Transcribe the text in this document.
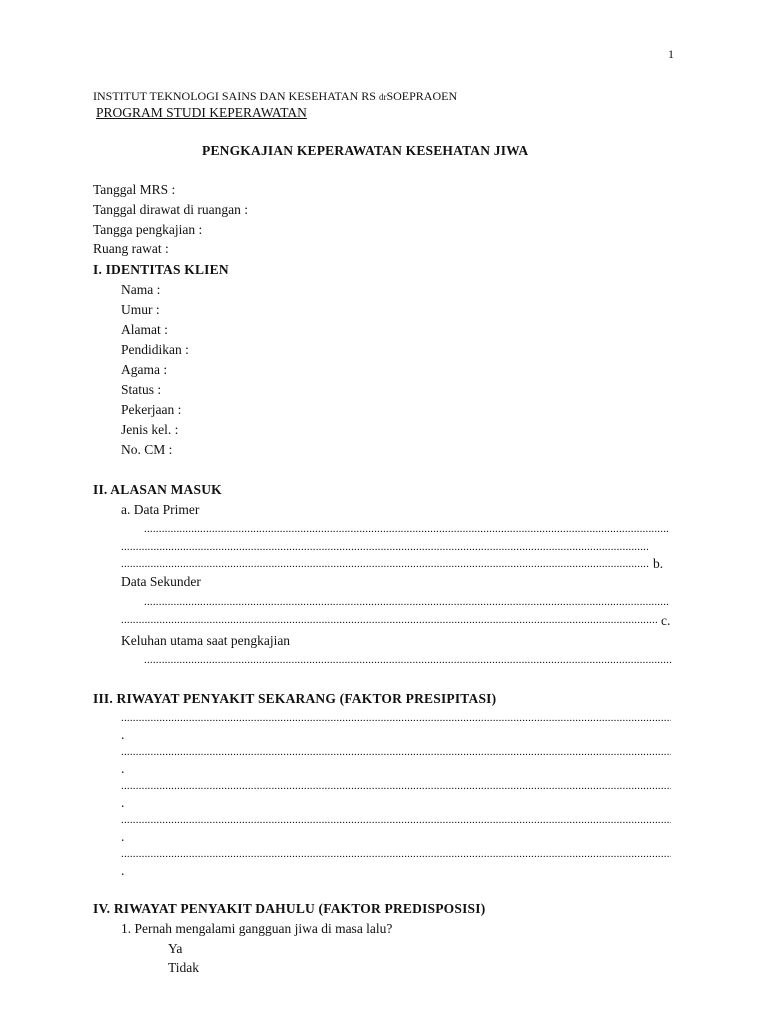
1
INSTITUT TEKNOLOGI SAINS DAN KESEHATAN RS drSOEPRAOEN
PROGRAM STUDI KEPERAWATAN
PENGKAJIAN KEPERAWATAN KESEHATAN JIWA
Tanggal MRS :
Tanggal dirawat di ruangan :
Tangga pengkajian :
Ruang rawat :
I. IDENTITAS KLIEN
Nama :
Umur :
Alamat :
Pendidikan :
Agama :
Status :
Pekerjaan :
Jenis kel. :
No. CM :
II. ALASAN MASUK
a. Data Primer
.....
.....
.....
b.
Data Sekunder
.....
.....
c.
Keluhan utama saat pengkajian
.....
III. RIWAYAT PENYAKIT SEKARANG (FAKTOR PRESIPITASI)
.....
.
.....
.
.....
.
.....
.
.....
.
IV. RIWAYAT PENYAKIT DAHULU (FAKTOR PREDISPOSISI)
1. Pernah mengalami gangguan jiwa di masa lalu?
Ya
Tidak
